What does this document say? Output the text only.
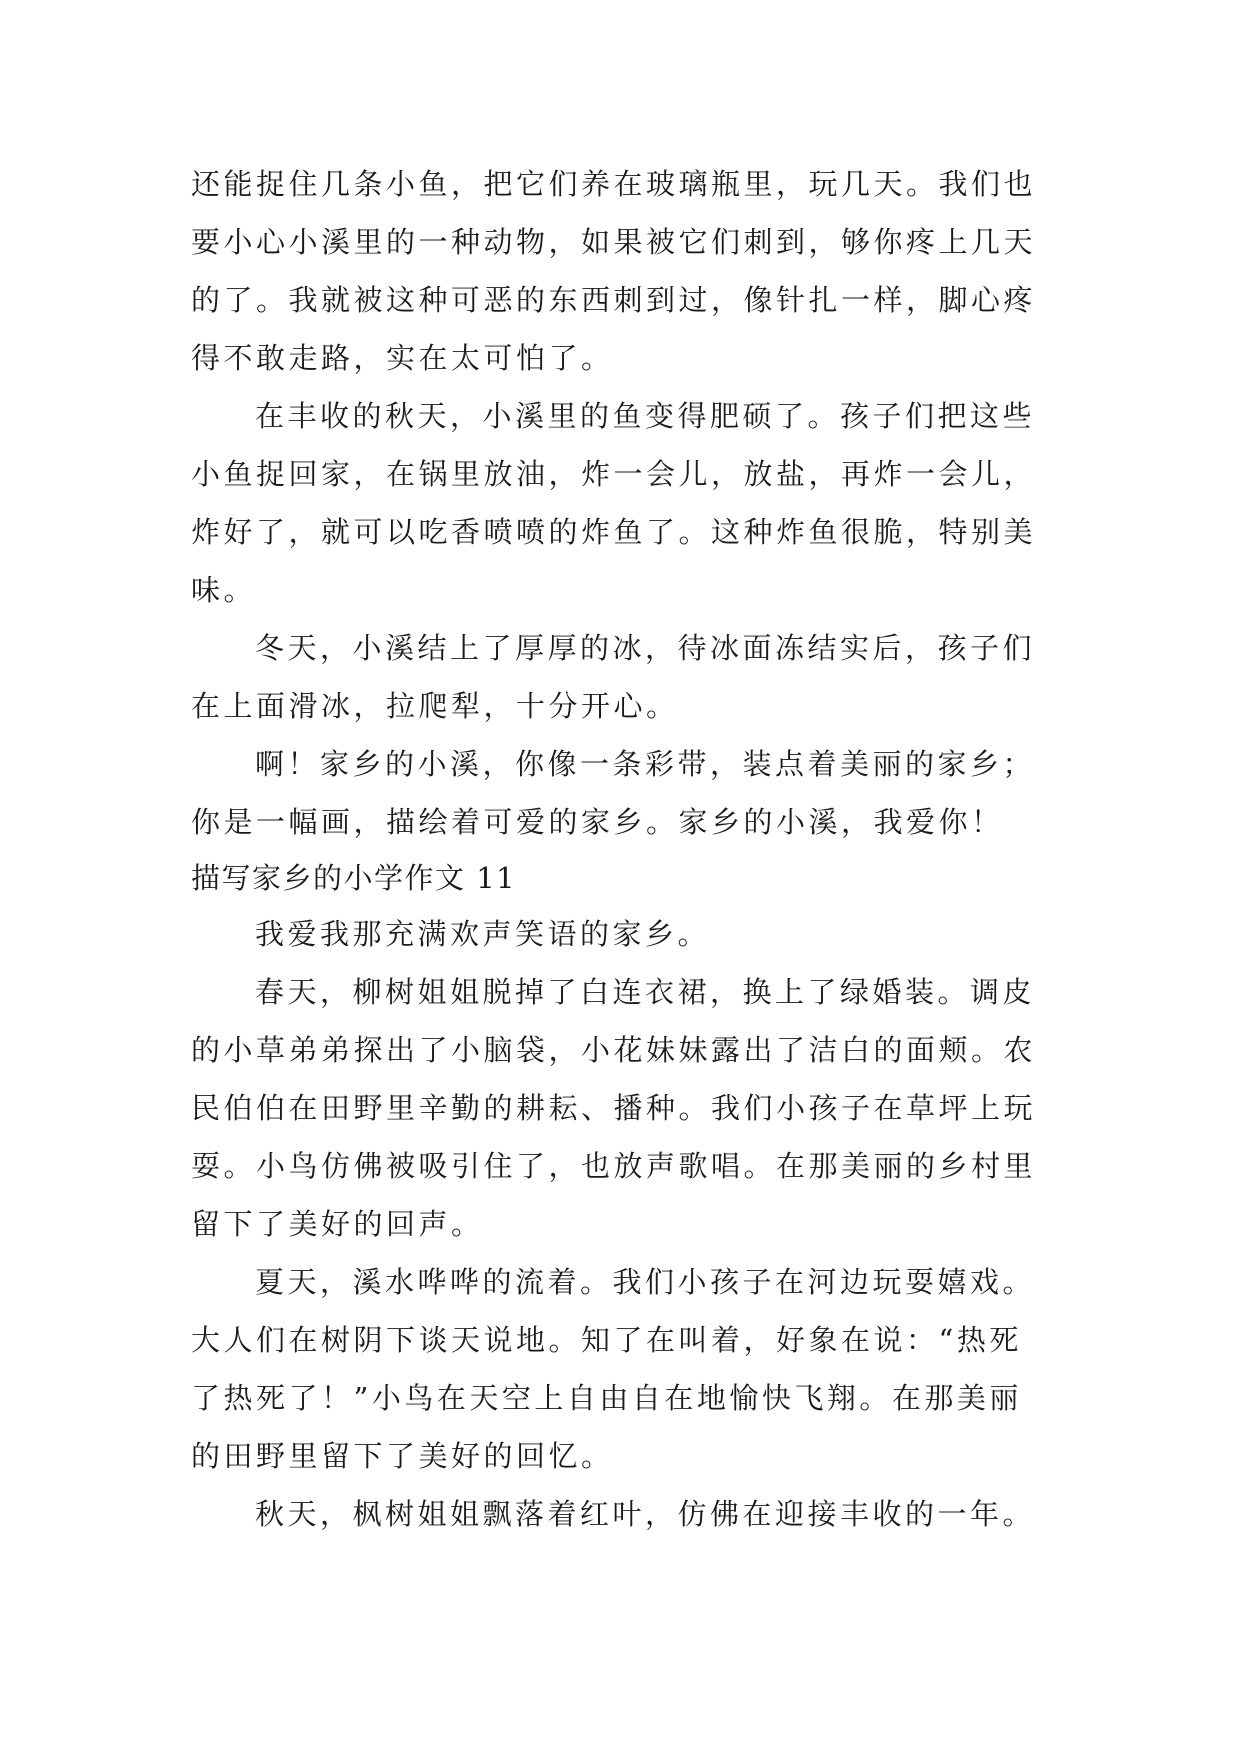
还能捉住几条小鱼，把它们养在玻璃瓶里，玩几天。我们也
要小心小溪里的一种动物，如果被它们刺到，够你疼上几天
的了。我就被这种可恶的东西刺到过，像针扎一样，脚心疼
得不敢走路，实在太可怕了。
在丰收的秋天，小溪里的鱼变得肥硕了。孩子们把这些
小鱼捉回家，在锅里放油，炸一会儿，放盐，再炸一会儿，
炸好了，就可以吃香喷喷的炸鱼了。这种炸鱼很脆，特别美
味。
冬天，小溪结上了厚厚的冰，待冰面冻结实后，孩子们
在上面滑冰，拉爬犁，十分开心。
啊！家乡的小溪，你像一条彩带，装点着美丽的家乡；
你是一幅画，描绘着可爱的家乡。家乡的小溪，我爱你！
描写家乡的小学作文 11
我爱我那充满欢声笑语的家乡。
春天，柳树姐姐脱掉了白连衣裙，换上了绿婚装。调皮
的小草弟弟探出了小脑袋，小花妹妹露出了洁白的面颊。农
民伯伯在田野里辛勤的耕耘、播种。我们小孩子在草坪上玩
耍。小鸟仿佛被吸引住了，也放声歌唱。在那美丽的乡村里
留下了美好的回声。
夏天，溪水哗哗的流着。我们小孩子在河边玩耍嬉戏。
大人们在树阴下谈天说地。知了在叫着，好象在说：“热死
了热死了！”小鸟在天空上自由自在地愉快飞翔。在那美丽
的田野里留下了美好的回忆。
秋天，枫树姐姐飘落着红叶，仿佛在迎接丰收的一年。
